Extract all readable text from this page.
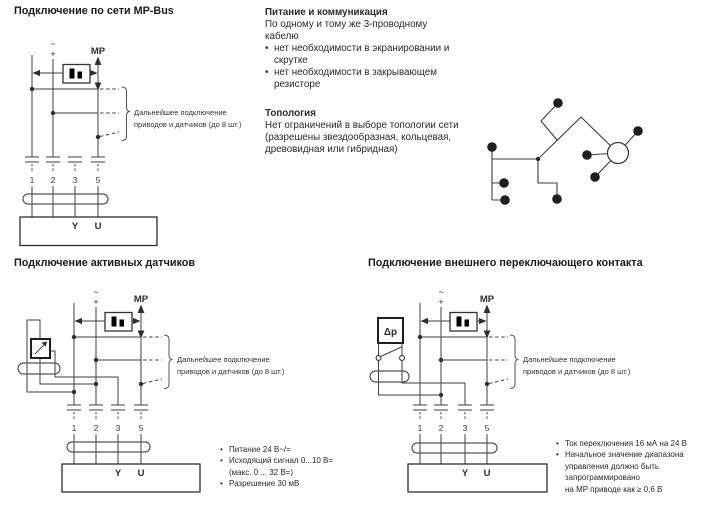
~
+	MP
Дальнейшее подключение
приводов и датчиков (до 8 шт.)
1 2 3 5
Y U
~
+	MP
Дальнейшее подключение
приводов и датчиков (до 8 шт.)
1 2 3 5
Y U
~
+	MP
Дальнейшее подключение
приводов и датчиков (до 8 шт.)
Δp
1 2 3 5
Y U
Подключение по сети MP-Bus
Подключение активных датчиков	Подключение внешнего переключающего контакта
Питание и коммуникация
По одному и тому же 3-проводному
кабелю
• нет необходимости в экранировании и
скрутке
• нет необходимости в закрывающем
резисторе
Топология
Нет ограничений в выборе топологии сети
(разрешены звездообразная, кольцевая,
древовидная или гибридная)
• Питание 24 В~/=
• Исходящий сигнал 0...10 В=
(макс. 0 ... 32 В=)
• Разрешение 30 мВ
• Ток переключения 16 мА на 24 В
• Начальное значение диапазона
управления должно быть
запрограммировано
на MP приводе как ≥ 0,6 В
